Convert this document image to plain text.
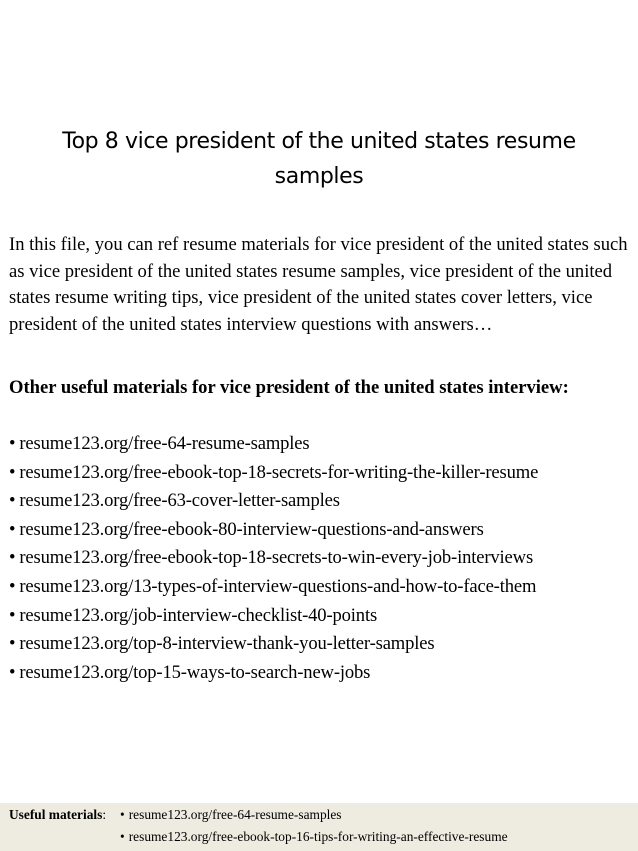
Top 8 vice president of the united states resume samples

In this file, you can ref resume materials for vice president of the united states such as vice president of the united states resume samples, vice president of the united states resume writing tips, vice president of the united states cover letters, vice president of the united states interview questions with answers…

Other useful materials for vice president of the united states interview:

• resume123.org/free-64-resume-samples
• resume123.org/free-ebook-top-18-secrets-for-writing-the-killer-resume
• resume123.org/free-63-cover-letter-samples
• resume123.org/free-ebook-80-interview-questions-and-answers
• resume123.org/free-ebook-top-18-secrets-to-win-every-job-interviews
• resume123.org/13-types-of-interview-questions-and-how-to-face-them
• resume123.org/job-interview-checklist-40-points
• resume123.org/top-8-interview-thank-you-letter-samples
• resume123.org/top-15-ways-to-search-new-jobs
Useful materials: • resume123.org/free-64-resume-samples
• resume123.org/free-ebook-top-16-tips-for-writing-an-effective-resume
